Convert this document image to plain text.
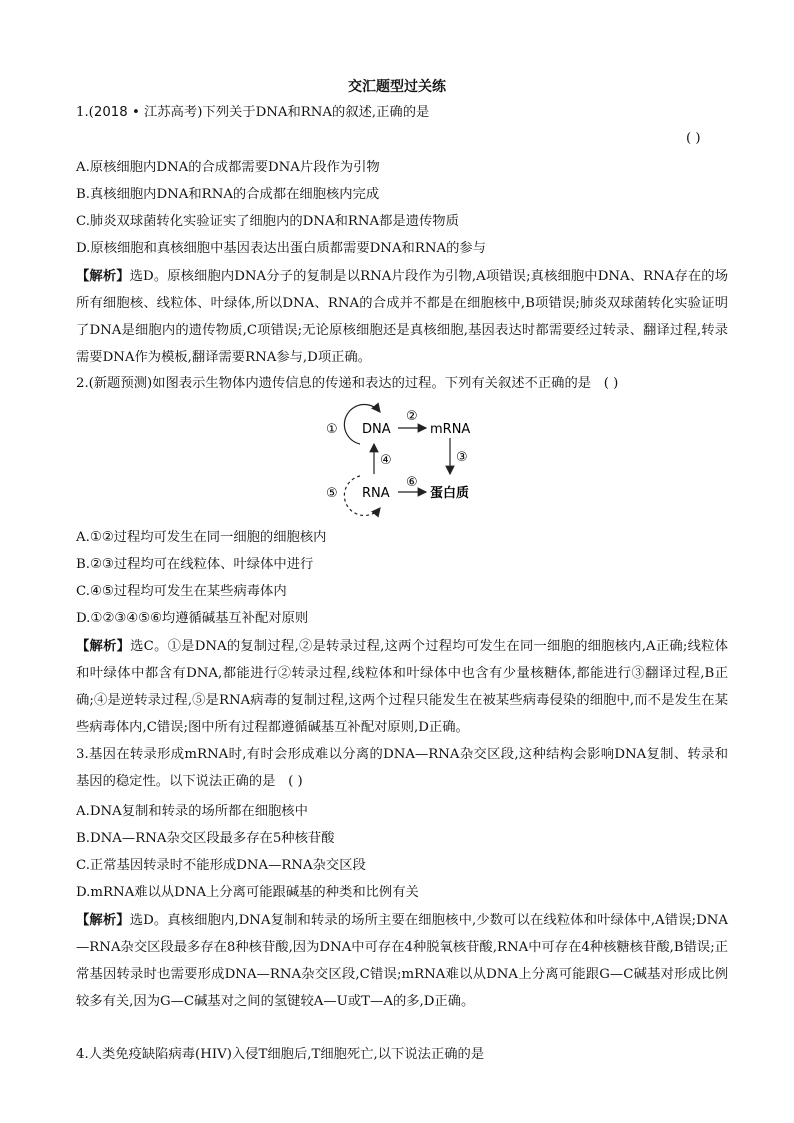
交汇题型过关练
1.(2018 • 江苏高考)下列关于DNA和RNA的叙述,正确的是
( )
A.原核细胞内DNA的合成都需要DNA片段作为引物
B.真核细胞内DNA和RNA的合成都在细胞核内完成
C.肺炎双球菌转化实验证实了细胞内的DNA和RNA都是遗传物质
D.原核细胞和真核细胞中基因表达出蛋白质都需要DNA和RNA的参与
【解析】选D。原核细胞内DNA分子的复制是以RNA片段作为引物,A项错误;真核细胞中DNA、RNA存在的场所有细胞核、线粒体、叶绿体,所以DNA、RNA的合成并不都是在细胞核中,B项错误;肺炎双球菌转化实验证明了DNA是细胞内的遗传物质,C项错误;无论原核细胞还是真核细胞,基因表达时都需要经过转录、翻译过程,转录需要DNA作为模板,翻译需要RNA参与,D项正确。
2.(新题预测)如图表示生物体内遗传信息的传递和表达的过程。下列有关叙述不正确的是 ( )
DNA	mRNA
RNA	蛋白质
①
②
③
④
⑤
⑥
A.①②过程均可发生在同一细胞的细胞核内
B.②③过程均可在线粒体、叶绿体中进行
C.④⑤过程均可发生在某些病毒体内
D.①②③④⑤⑥均遵循碱基互补配对原则
【解析】选C。①是DNA的复制过程,②是转录过程,这两个过程均可发生在同一细胞的细胞核内,A正确;线粒体和叶绿体中都含有DNA,都能进行②转录过程,线粒体和叶绿体中也含有少量核糖体,都能进行③翻译过程,B正确;④是逆转录过程,⑤是RNA病毒的复制过程,这两个过程只能发生在被某些病毒侵染的细胞中,而不是发生在某些病毒体内,C错误;图中所有过程都遵循碱基互补配对原则,D正确。
3.基因在转录形成mRNA时,有时会形成难以分离的DNA—RNA杂交区段,这种结构会影响DNA复制、转录和基因的稳定性。以下说法正确的是 ( )
A.DNA复制和转录的场所都在细胞核中
B.DNA—RNA杂交区段最多存在5种核苷酸
C.正常基因转录时不能形成DNA—RNA杂交区段
D.mRNA难以从DNA上分离可能跟碱基的种类和比例有关
【解析】选D。真核细胞内,DNA复制和转录的场所主要在细胞核中,少数可以在线粒体和叶绿体中,A错误;DNA—RNA杂交区段最多存在8种核苷酸,因为DNA中可存在4种脱氧核苷酸,RNA中可存在4种核糖核苷酸,B错误;正常基因转录时也需要形成DNA—RNA杂交区段,C错误;mRNA难以从DNA上分离可能跟G—C碱基对形成比例较多有关,因为G—C碱基对之间的氢键较A—U或T—A的多,D正确。
4.人类免疫缺陷病毒(HIV)入侵T细胞后,T细胞死亡,以下说法正确的是
